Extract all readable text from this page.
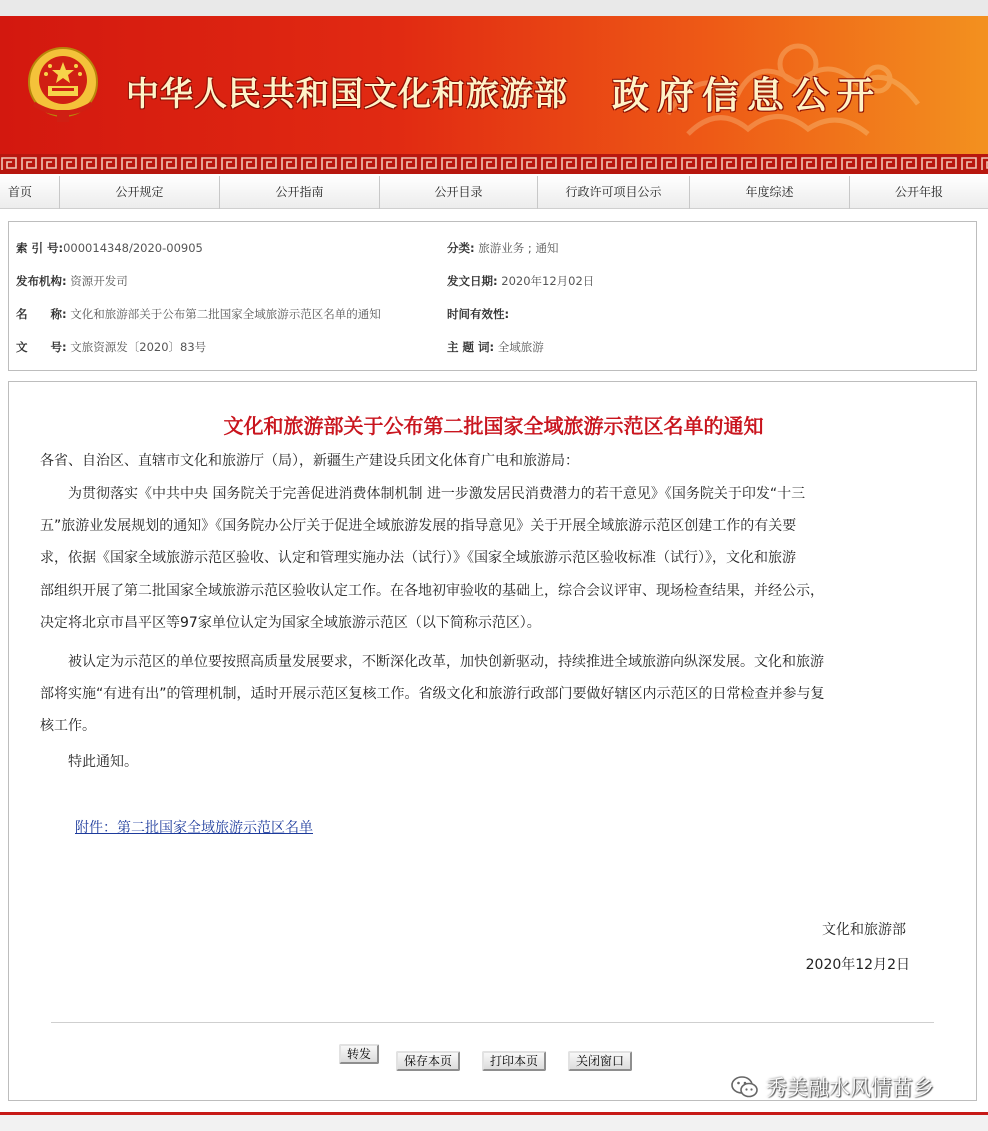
中华人民共和国文化和旅游部 政府信息公开
首页	公开规定	公开指南	公开目录	行政许可项目公示	年度综述	公开年报
索 引 号:000014348/2020-00905	分类: 旅游业务 ; 通知
发布机构: 资源开发司	发文日期: 2020年12月02日
名　　称: 文化和旅游部关于公布第二批国家全域旅游示范区名单的通知	时间有效性:
文　　号: 文旅资源发〔2020〕83号	主 题 词: 全域旅游
文化和旅游部关于公布第二批国家全域旅游示范区名单的通知
各省、自治区、直辖市文化和旅游厅（局），新疆生产建设兵团文化体育广电和旅游局：
　　为贯彻落实《中共中央 国务院关于完善促进消费体制机制 进一步激发居民消费潜力的若干意见》《国务院关于印发“十三
五”旅游业发展规划的通知》《国务院办公厅关于促进全域旅游发展的指导意见》关于开展全域旅游示范区创建工作的有关要
求，依据《国家全域旅游示范区验收、认定和管理实施办法（试行）》《国家全域旅游示范区验收标准（试行）》，文化和旅游
部组织开展了第二批国家全域旅游示范区验收认定工作。在各地初审验收的基础上，综合会议评审、现场检查结果，并经公示，
决定将北京市昌平区等97家单位认定为国家全域旅游示范区（以下简称示范区）。
　　被认定为示范区的单位要按照高质量发展要求，不断深化改革，加快创新驱动，持续推进全域旅游向纵深发展。文化和旅游
部将实施“有进有出”的管理机制，适时开展示范区复核工作。省级文化和旅游行政部门要做好辖区内示范区的日常检查并参与复
核工作。
　　特此通知。
附件：第二批国家全域旅游示范区名单
文化和旅游部
2020年12月2日
转发	保存本页	打印本页	关闭窗口
秀美融水风情苗乡
